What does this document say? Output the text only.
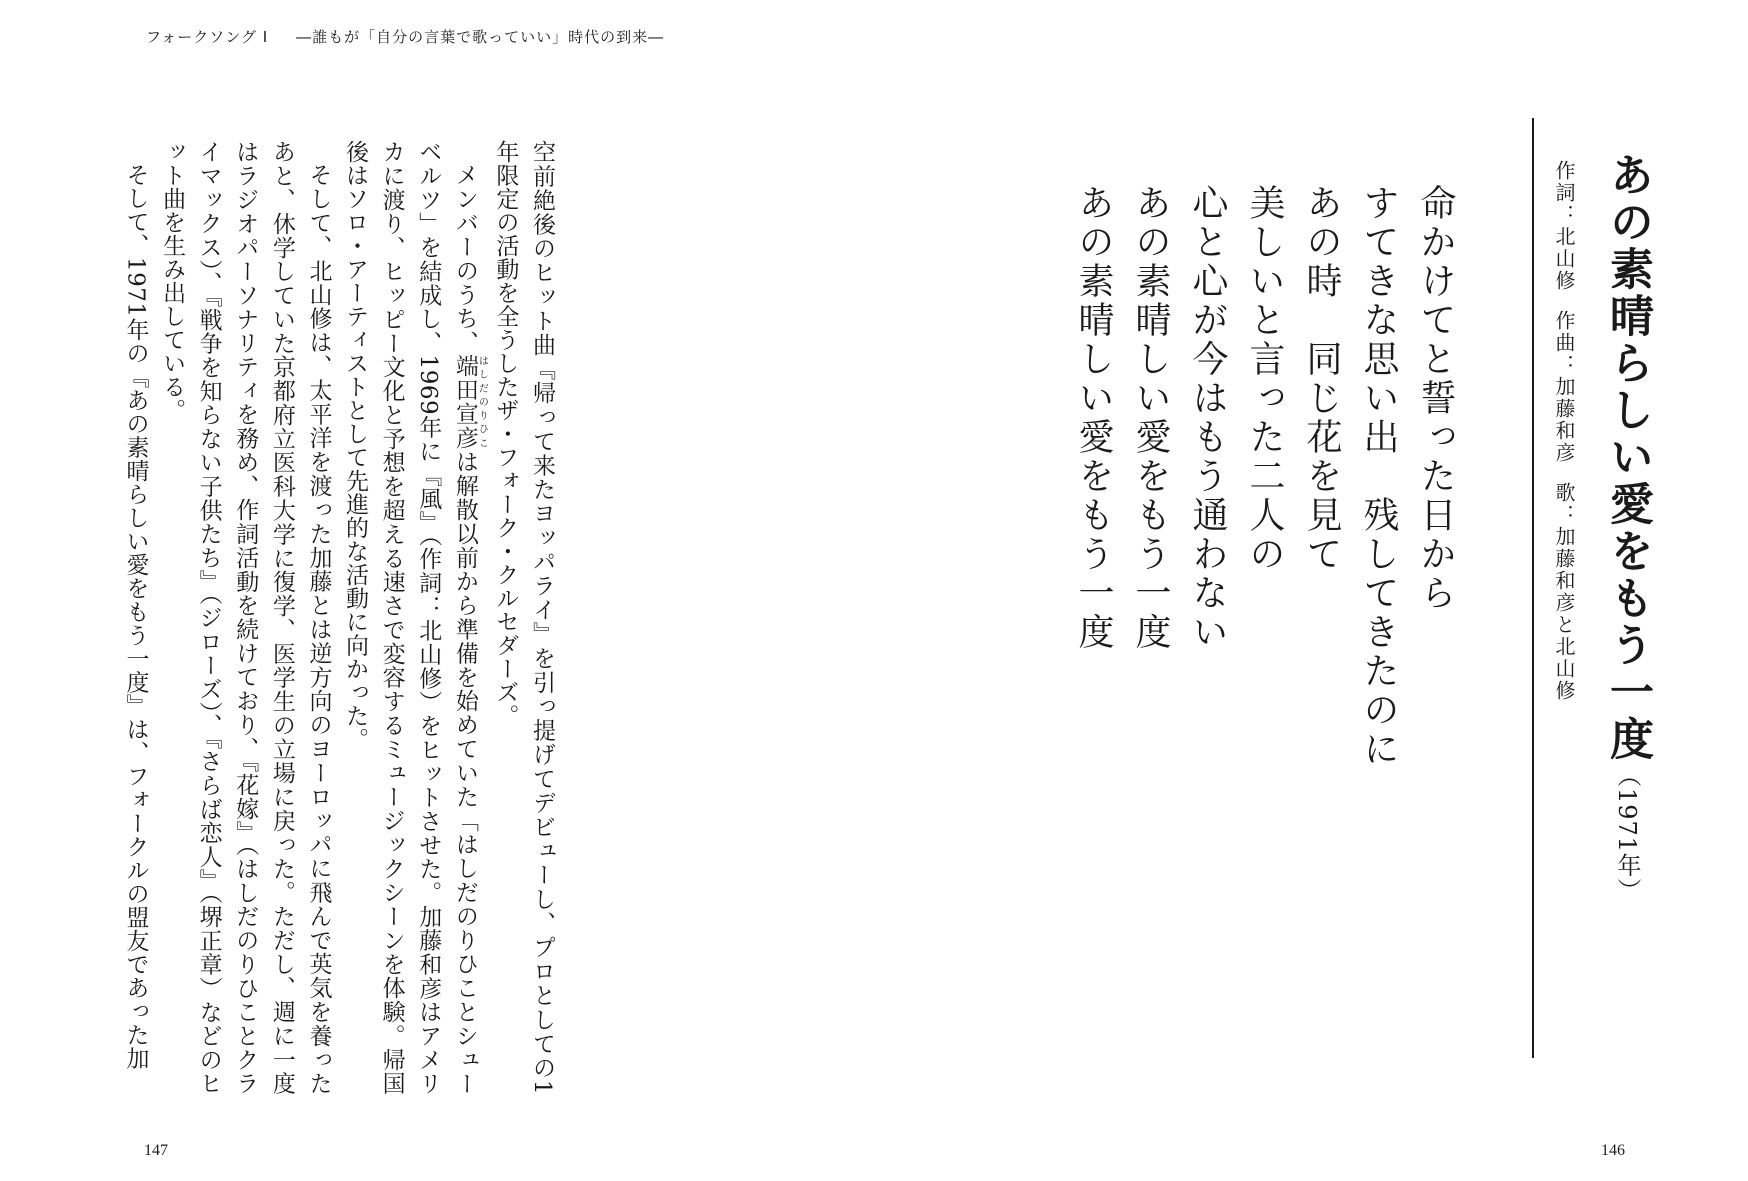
フォークソング Ⅰ ―誰もが「自分の言葉で歌っていい」時代の到来―

空前絶後のヒット曲『帰って来たヨッパライ』を引っ提げてデビューし、プロとしての1年限定の活動を全うしたザ・フォーク・クルセダーズ。

メンバーのうち、端田宣彦はしだのりひこは解散以前から準備を始めていた「はしだのりひことシューベルツ」を結成し、1969年に『風』（作詞：北山修）をヒットさせた。加藤和彦はアメリカに渡り、ヒッピー文化と予想を超える速さで変容するミュージックシーンを体験。帰国後はソロ・アーティストとして先進的な活動に向かった。

そして、北山修は、太平洋を渡った加藤とは逆方向のヨーロッパに飛んで英気を養ったあと、休学していた京都府立医科大学に復学、医学生の立場に戻った。ただし、週に一度はラジオパーソナリティを務め、作詞活動を続けており、『花嫁』（はしだのりひことクライマックス）、『戦争を知らない子供たち』（ジローズ）、『さらば恋人』（堺正章）などのヒット曲を生み出している。

そして、1971年の『あの素晴らしい愛をもう一度』は、フォークルの盟友であった加

147
命かけてと誓った日から
すてきな思い出　残してきたのに
あの時　同じ花を見て
美しいと言った二人の
心と心が今はもう通わない
あの素晴しい愛をもう一度
あの素晴しい愛をもう一度	あの素晴らしい愛をもう一度（1971年）
作詞：北山修作曲：加藤和彦歌：加藤和彦と北山修
146
